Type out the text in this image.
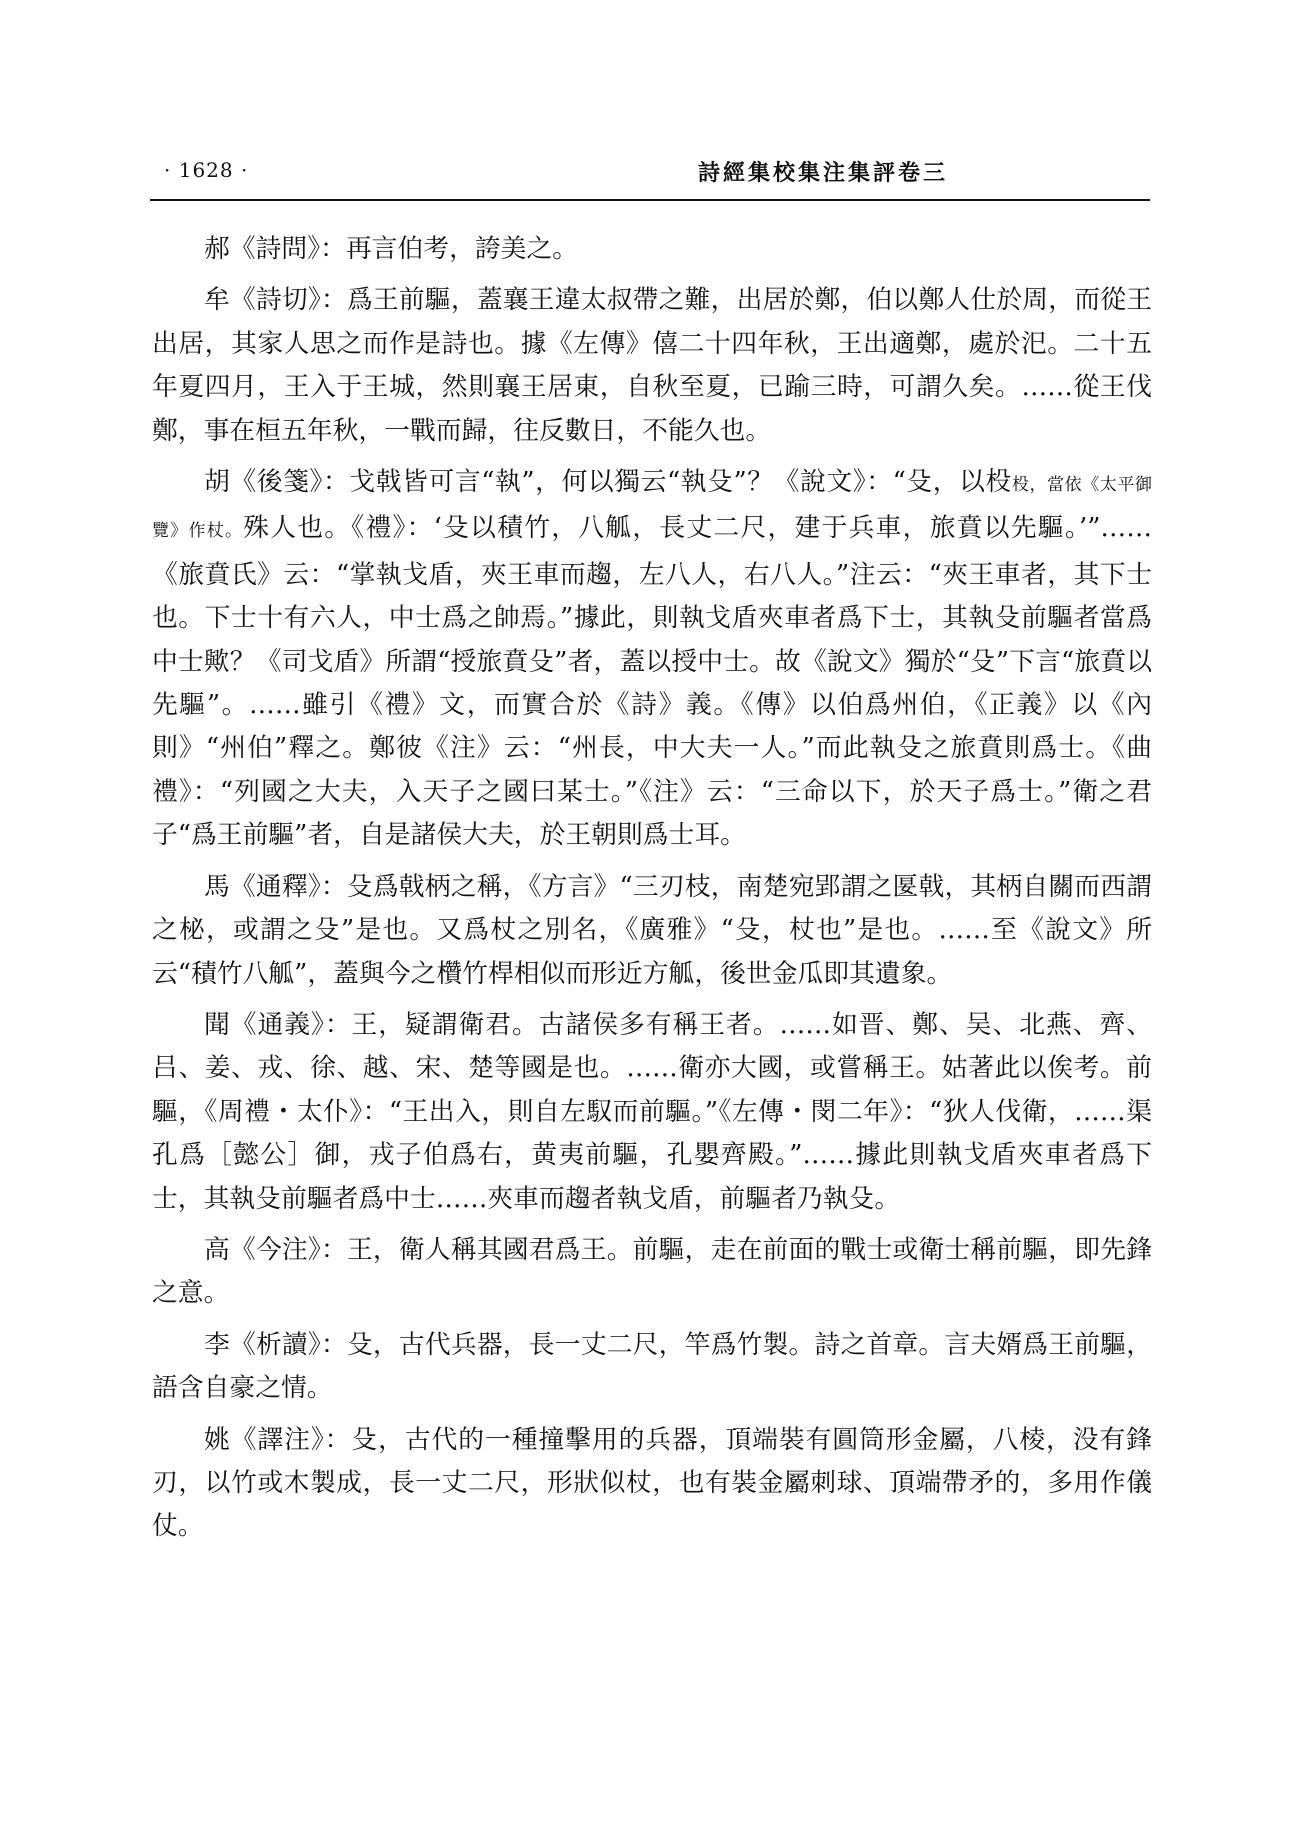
· 1628 ·	詩經集校集注集評卷三

郝《詩問》：再言伯考，誇美之。

牟《詩切》：爲王前驅，蓋襄王違太叔帶之難，出居於鄭，伯以鄭人仕於周，而從王出居，其家人思之而作是詩也。據《左傳》僖二十四年秋，王出適鄭，處於汜。二十五年夏四月，王入于王城，然則襄王居東，自秋至夏，已踰三時，可謂久矣。……從王伐鄭，事在桓五年秋，一戰而歸，往反數日，不能久也。

胡《後箋》：戈戟皆可言“執”，何以獨云“執殳”？《說文》：“殳，以杸杸，當依《太平御覽》作杖。殊人也。《禮》：‘殳以積竹，八觚，長丈二尺，建于兵車，旅賁以先驅。’”……《旅賁氏》云：“掌執戈盾，夾王車而趨，左八人，右八人。”注云：“夾王車者，其下士也。下士十有六人，中士爲之帥焉。”據此，則執戈盾夾車者爲下士，其執殳前驅者當爲中士歟？《司戈盾》所謂“授旅賁殳”者，蓋以授中士。故《說文》獨於“殳”下言“旅賁以先驅”。……雖引《禮》文，而實合於《詩》義。《傳》以伯爲州伯，《正義》以《內則》“州伯”釋之。鄭彼《注》云：“州長，中大夫一人。”而此執殳之旅賁則爲士。《曲禮》：“列國之大夫，入天子之國曰某士。”《注》云：“三命以下，於天子爲士。”衛之君子“爲王前驅”者，自是諸侯大夫，於王朝則爲士耳。

馬《通釋》：殳爲戟柄之稱，《方言》“三刃枝，南楚宛郢謂之匽戟，其柄自關而西謂之柲，或謂之殳”是也。又爲杖之別名，《廣雅》“殳，杖也”是也。……至《說文》所云“積竹八觚”，蓋與今之欑竹桿相似而形近方觚，後世金瓜即其遺象。

聞《通義》：王，疑謂衛君。古諸侯多有稱王者。……如晋、鄭、吴、北燕、齊、吕、姜、戎、徐、越、宋、楚等國是也。……衛亦大國，或嘗稱王。姑著此以俟考。前驅，《周禮・太仆》：“王出入，則自左馭而前驅。”《左傳・閔二年》：“狄人伐衛，……渠孔爲［懿公］御，戎子伯爲右，黄夷前驅，孔嬰齊殿。”……據此則執戈盾夾車者爲下士，其執殳前驅者爲中士……夾車而趨者執戈盾，前驅者乃執殳。

高《今注》：王，衛人稱其國君爲王。前驅，走在前面的戰士或衛士稱前驅，即先鋒之意。

李《析讀》：殳，古代兵器，長一丈二尺，竿爲竹製。詩之首章。言夫婿爲王前驅，語含自豪之情。

姚《譯注》：殳，古代的一種撞擊用的兵器，頂端裝有圓筒形金屬，八棱，没有鋒刃，以竹或木製成，長一丈二尺，形狀似杖，也有裝金屬刺球、頂端帶矛的，多用作儀仗。
